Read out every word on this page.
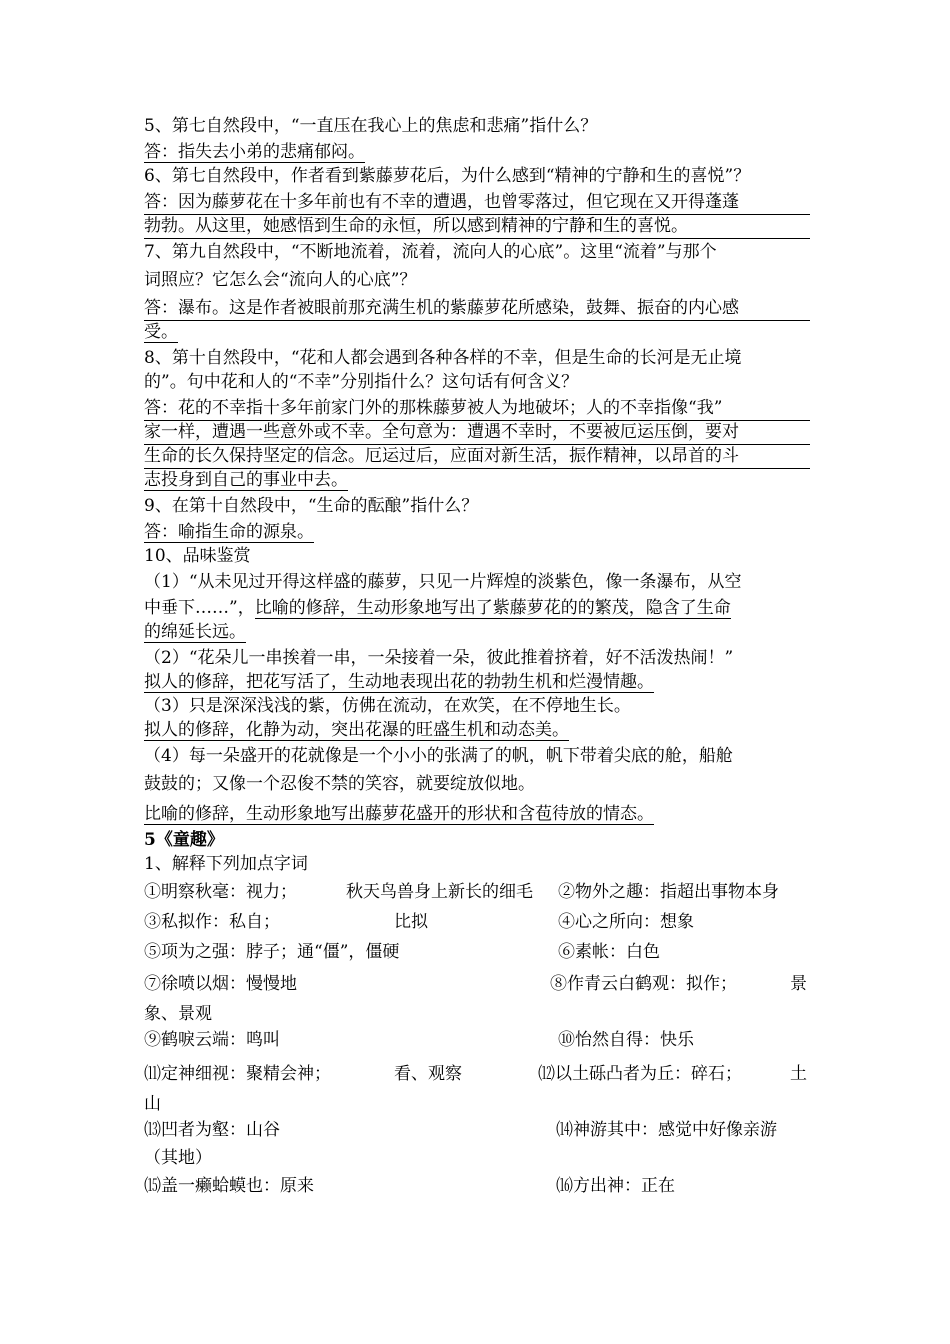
5、第七自然段中，“一直压在我心上的焦虑和悲痛”指什么？
答：指失去小弟的悲痛郁闷。
6、第七自然段中，作者看到紫藤萝花后，为什么感到“精神的宁静和生的喜悦”？
答：因为藤萝花在十多年前也有不幸的遭遇，也曾零落过，但它现在又开得蓬蓬
勃勃。从这里，她感悟到生命的永恒，所以感到精神的宁静和生的喜悦。
7、第九自然段中，“不断地流着，流着，流向人的心底”。这里“流着”与那个
词照应？它怎么会“流向人的心底”？
答：瀑布。这是作者被眼前那充满生机的紫藤萝花所感染，鼓舞、振奋的内心感
受。
8、第十自然段中，“花和人都会遇到各种各样的不幸，但是生命的长河是无止境
的”。句中花和人的“不幸”分别指什么？这句话有何含义？
答：花的不幸指十多年前家门外的那株藤萝被人为地破坏；人的不幸指像“我”
家一样，遭遇一些意外或不幸。全句意为：遭遇不幸时，不要被厄运压倒，要对
生命的长久保持坚定的信念。厄运过后，应面对新生活，振作精神，以昂首的斗
志投身到自己的事业中去。
9、在第十自然段中，“生命的酝酿”指什么？
答：喻指生命的源泉。
10、品味鉴赏
（1）“从未见过开得这样盛的藤萝，只见一片辉煌的淡紫色，像一条瀑布，从空
中垂下……”，比喻的修辞，生动形象地写出了紫藤萝花的的繁茂，隐含了生命
的绵延长远。
（2）“花朵儿一串挨着一串，一朵接着一朵，彼此推着挤着，好不活泼热闹！”
拟人的修辞，把花写活了，生动地表现出花的勃勃生机和烂漫情趣。
（3）只是深深浅浅的紫，仿佛在流动，在欢笑，在不停地生长。
拟人的修辞，化静为动，突出花瀑的旺盛生机和动态美。
（4）每一朵盛开的花就像是一个小小的张满了的帆，帆下带着尖底的舱，船舱
鼓鼓的；又像一个忍俊不禁的笑容，就要绽放似地。
比喻的修辞，生动形象地写出藤萝花盛开的形状和含苞待放的情态。
5《童趣》
1、解释下列加点字词
①明察秋毫：视力；	秋天鸟兽身上新长的细毛 ②物外之趣：指超出事物本身
③私拟作：私自；	比拟	④心之所向：想象
⑤项为之强：脖子；通“僵”，僵硬	⑥素帐：白色
⑦徐喷以烟：慢慢地	⑧作青云白鹤观：拟作；	景
象、景观
⑨鹤唳云端：鸣叫	⑩怡然自得：快乐
⑾定神细视：聚精会神；	看、观察	⑿以土砾凸者为丘：碎石；	土
山
⒀凹者为壑：山谷	⒁神游其中：感觉中好像亲游
（其地）
⒂盖一癞蛤蟆也：原来	⒃方出神：正在
